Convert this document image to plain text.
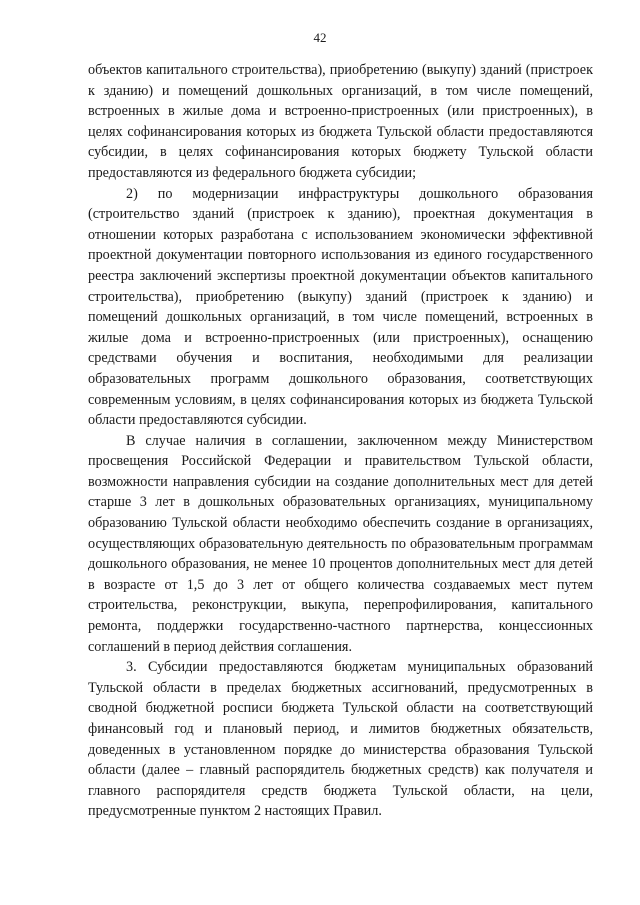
42

объектов капитального строительства), приобретению (выкупу) зданий (пристроек к зданию) и помещений дошкольных организаций, в том числе помещений, встроенных в жилые дома и встроенно-пристроенных (или пристроенных), в целях софинансирования которых из бюджета Тульской области предоставляются субсидии, в целях софинансирования которых бюджету Тульской области предоставляются из федерального бюджета субсидии;

2) по модернизации инфраструктуры дошкольного образования (строительство зданий (пристроек к зданию), проектная документация в отношении которых разработана с использованием экономически эффективной проектной документации повторного использования из единого государственного реестра заключений экспертизы проектной документации объектов капитального строительства), приобретению (выкупу) зданий (пристроек к зданию) и помещений дошкольных организаций, в том числе помещений, встроенных в жилые дома и встроенно-пристроенных (или пристроенных), оснащению средствами обучения и воспитания, необходимыми для реализации образовательных программ дошкольного образования, соответствующих современным условиям, в целях софинансирования которых из бюджета Тульской области предоставляются субсидии.

В случае наличия в соглашении, заключенном между Министерством просвещения Российской Федерации и правительством Тульской области, возможности направления субсидии на создание дополнительных мест для детей старше 3 лет в дошкольных образовательных организациях, муниципальному образованию Тульской области необходимо обеспечить создание в организациях, осуществляющих образовательную деятельность по образовательным программам дошкольного образования, не менее 10 процентов дополнительных мест для детей в возрасте от 1,5 до 3 лет от общего количества создаваемых мест путем строительства, реконструкции, выкупа, перепрофилирования, капитального ремонта, поддержки государственно-частного партнерства, концессионных соглашений в период действия соглашения.

3. Субсидии предоставляются бюджетам муниципальных образований Тульской области в пределах бюджетных ассигнований, предусмотренных в сводной бюджетной росписи бюджета Тульской области на соответствующий финансовый год и плановый период, и лимитов бюджетных обязательств, доведенных в установленном порядке до министерства образования Тульской области (далее – главный распорядитель бюджетных средств) как получателя и главного распорядителя средств бюджета Тульской области, на цели, предусмотренные пунктом 2 настоящих Правил.
